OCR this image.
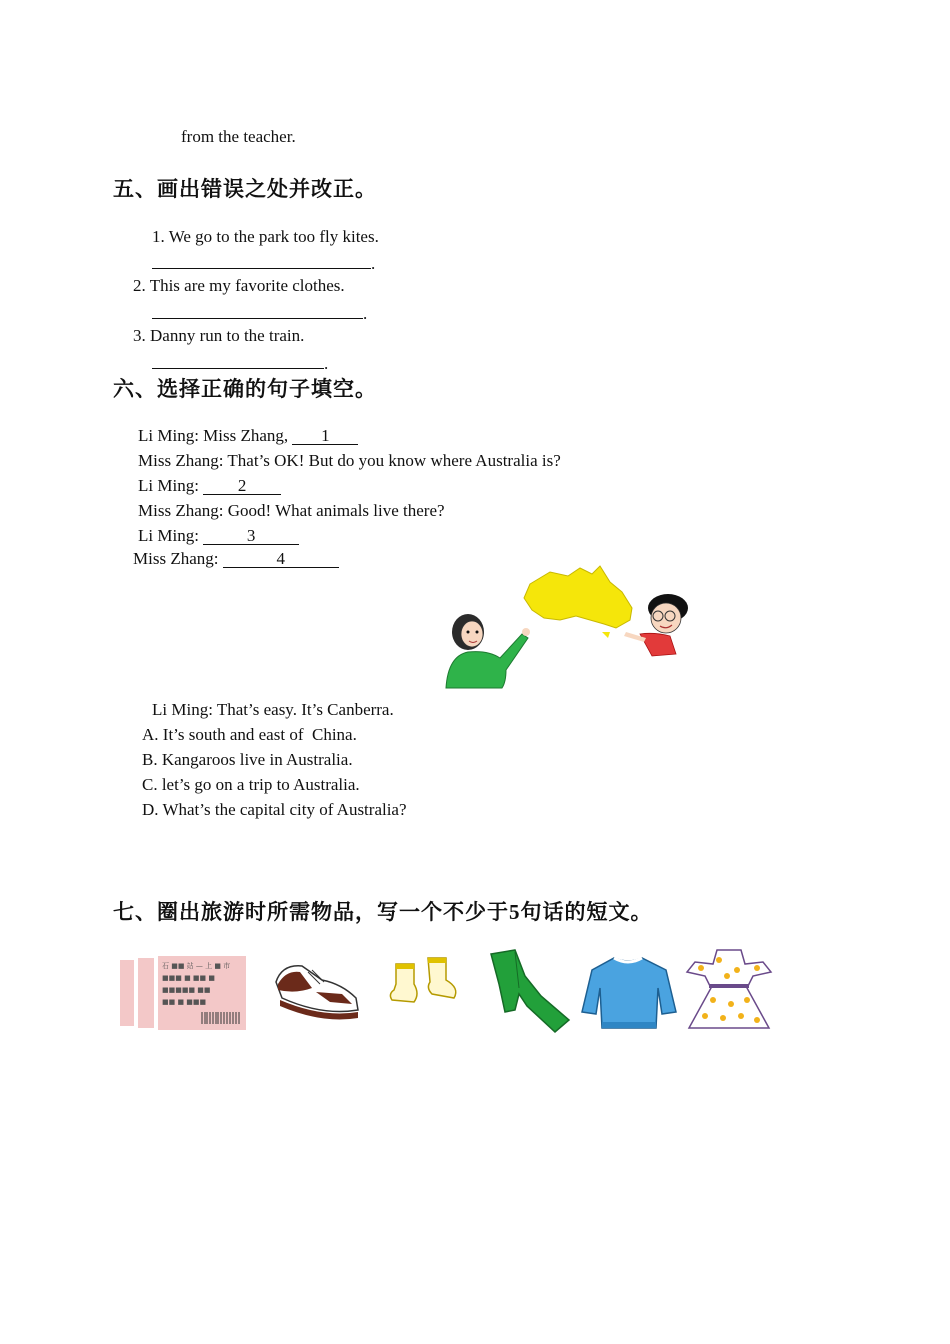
from the teacher.
五、画出错误之处并改正。
1. We go to the park too fly kites.
.
2. This are my favorite clothes.
.
3. Danny run to the train.
.
六、选择正确的句子填空。
Li Ming: Miss Zhang, 1
Miss Zhang: That’s OK! But do you know where Australia is?
Li Ming: 2
Miss Zhang: Good! What animals live there?
Li Ming:	3
Miss Zhang:	4
Li Ming: That’s easy. It’s Canberra.
A. It’s south and east of  China.
B. Kangaroos live in Australia.
C. let’s go on a trip to Australia.
D. What’s the capital city of Australia?
七、圈出旅游时所需物品，写一个不少于5句话的短文。
石 ■■ 站 — 上 ■ 市
■■■ ■ ■■ ■
■■■■■ ■■
■■ ■ ■■■
